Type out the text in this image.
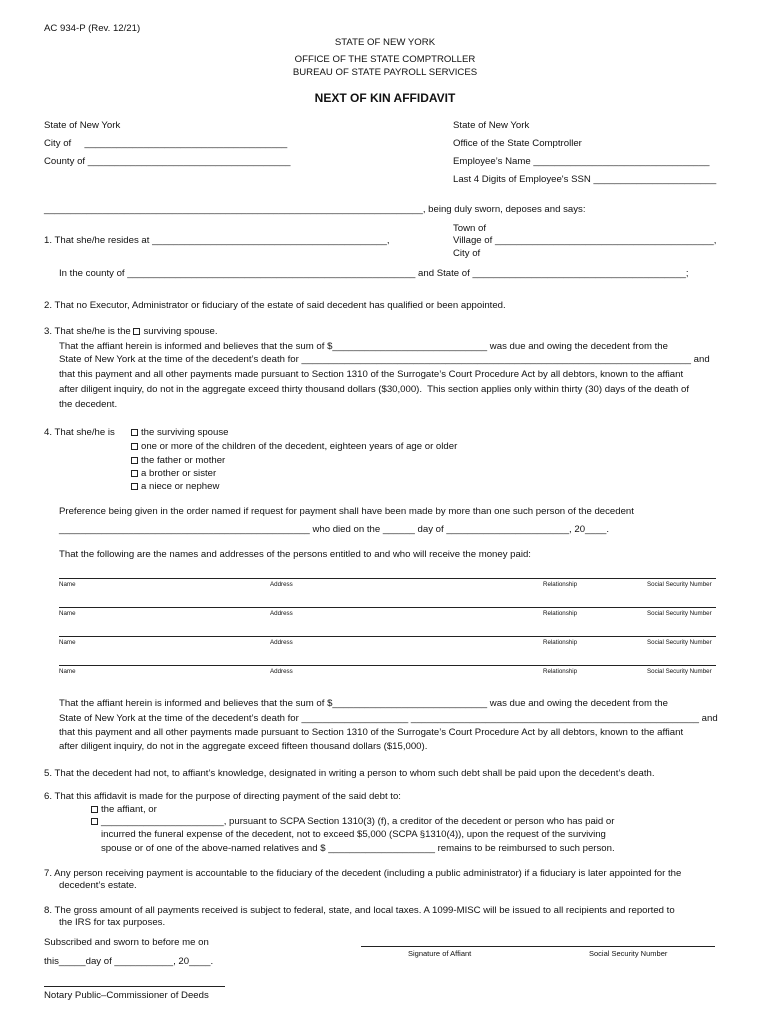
AC 934-P (Rev. 12/21)
STATE OF NEW YORK
OFFICE OF THE STATE COMPTROLLER
BUREAU OF STATE PAYROLL SERVICES
NEXT OF KIN AFFIDAVIT
State of New York
City of     ______________________________________
County of ______________________________________
State of New York
Office of the State Comptroller
Employee’s Name _________________________________
Last 4 Digits of Employee's SSN _______________________
_______________________________________________________________________, being duly sworn, deposes and says:
1. That she/he resides at ____________________________________________,
Town of
Village of _________________________________________,
City of
In the county of ______________________________________________________ and State of ________________________________________;
2. That no Executor, Administrator or fiduciary of the estate of said decedent has qualified or been appointed.
3. That she/he is the surviving spouse.
That the affiant herein is informed and believes that the sum of $_____________________________ was due and owing the decedent from the
State of New York at the time of the decedent’s death for _________________________________________________________________________ and
that this payment and all other payments made pursuant to Section 1310 of the Surrogate’s Court Procedure Act by all debtors, known to the affiant
after diligent inquiry, do not in the aggregate exceed thirty thousand dollars ($30,000).  This section applies only within thirty (30) days of the death of
the decedent.
4. That she/he is	the surviving spouse
one or more of the children of the decedent, eighteen years of age or older
the father or mother
a brother or sister
a niece or nephew
Preference being given in the order named if request for payment shall have been made by more than one such person of the decedent
_______________________________________________ who died on the ______ day of _______________________, 20____.
That the following are the names and addresses of the persons entitled to and who will receive the money paid:
Name	Address	Relationship	Social Security Number
Name	Address	Relationship	Social Security Number
Name	Address	Relationship	Social Security Number
Name	Address	Relationship	Social Security Number
That the affiant herein is informed and believes that the sum of $_____________________________ was due and owing the decedent from the
State of New York at the time of the decedent’s death for ____________________ ______________________________________________________ and
that this payment and all other payments made pursuant to Section 1310 of the Surrogate’s Court Procedure Act by all debtors, known to the affiant
after diligent inquiry, do not in the aggregate exceed fifteen thousand dollars ($15,000).
5. That the decedent had not, to affiant’s knowledge, designated in writing a person to whom such debt shall be paid upon the decedent’s death.
6. That this affidavit is made for the purpose of directing payment of the said debt to:
the affiant, or
_______________________, pursuant to SCPA Section 1310(3) (f), a creditor of the decedent or person who has paid or
incurred the funeral expense of the decedent, not to exceed $5,000 (SCPA §1310(4)), upon the request of the surviving
spouse or of one of the above-named relatives and $ ____________________ remains to be reimbursed to such person.
7. Any person receiving payment is accountable to the fiduciary of the decedent (including a public administrator) if a fiduciary is later appointed for the
decedent’s estate.
8. The gross amount of all payments received is subject to federal, state, and local taxes. A 1099-MISC will be issued to all recipients and reported to
the IRS for tax purposes.
Subscribed and sworn to before me on
this_____day of ___________, 20____.
Notary Public–Commissioner of Deeds
Signature of Affiant	Social Security Number
